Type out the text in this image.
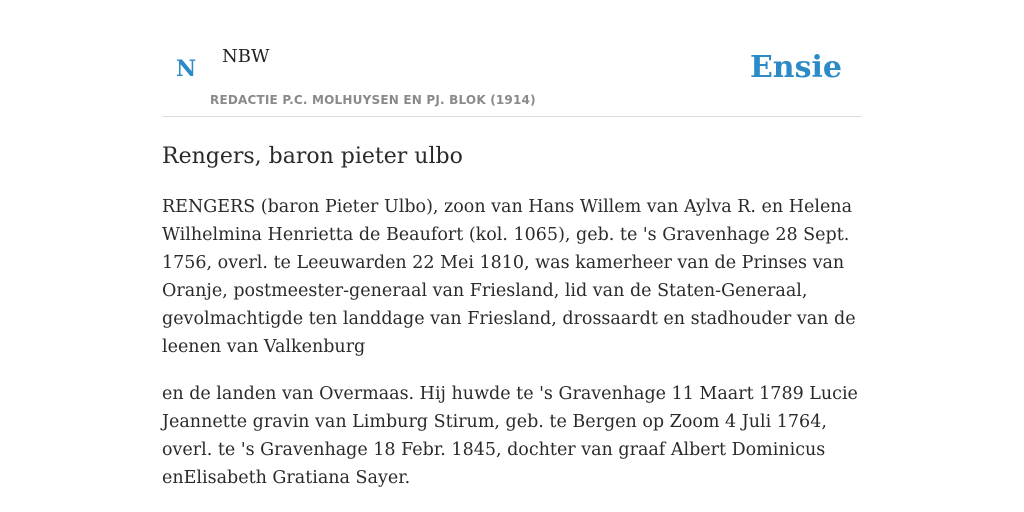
N NBW
REDACTIE P.C. MOLHUYSEN EN PJ. BLOK (1914)
Ensie
Rengers, baron pieter ulbo

RENGERS (baron Pieter Ulbo), zoon van Hans Willem van Aylva R. en Helena Wilhelmina Henrietta de Beaufort (kol. 1065), geb. te 's Gravenhage 28 Sept. 1756, overl. te Leeuwarden 22 Mei 1810, was kamerheer van de Prinses van Oranje, postmeester-generaal van Friesland, lid van de Staten-Generaal, gevolmachtigde ten landdage van Friesland, drossaardt en stadhouder van de leenen van Valkenburg

en de landen van Overmaas. Hij huwde te 's Gravenhage 11 Maart 1789 Lucie Jeannette gravin van Limburg Stirum, geb. te Bergen op Zoom 4 Juli 1764, overl. te 's Gravenhage 18 Febr. 1845, dochter van graaf Albert Dominicus enElisabeth Gratiana Sayer.
